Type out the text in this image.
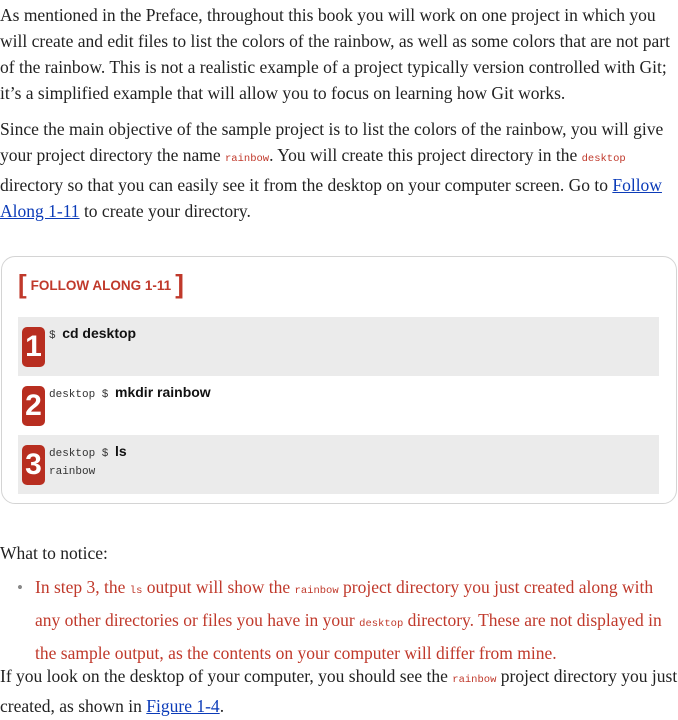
As mentioned in the Preface, throughout this book you will work on one project in which you will create and edit files to list the colors of the rainbow, as well as some colors that are not part of the rainbow. This is not a realistic example of a project typically version controlled with Git; it’s a simplified example that will allow you to focus on learning how Git works.

Since the main objective of the sample project is to list the colors of the rainbow, you will give your project directory the name rainbow. You will create this project directory in the desktop directory so that you can easily see it from the desktop on your computer screen. Go to Follow Along 1-11 to create your directory.

[ FOLLOW ALONG 1-11 ]
1 $ cd desktop
2 desktop $ mkdir rainbow
3 desktop $ ls
rainbow

What to notice:

• In step 3, the ls output will show the rainbow project directory you just created along with any other directories or files you have in your desktop directory. These are not displayed in the sample output, as the contents on your computer will differ from mine.

If you look on the desktop of your computer, you should see the rainbow project directory you just created, as shown in Figure 1-4.
